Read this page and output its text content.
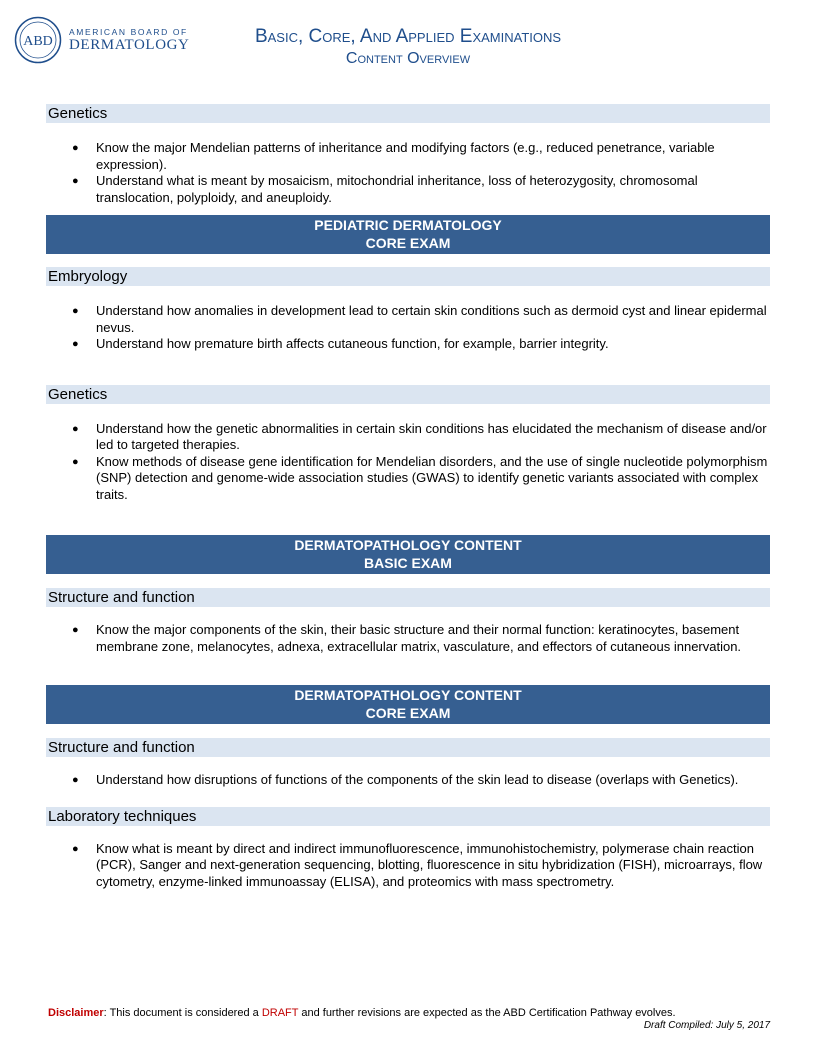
ABD
AMERICAN BOARD OF
DERMATOLOGY	Basic, Core, And Applied Examinations
Content Overview
Genetics
● Know the major Mendelian patterns of inheritance and modifying factors (e.g., reduced penetrance, variable expression).
● Understand what is meant by mosaicism, mitochondrial inheritance, loss of heterozygosity, chromosomal translocation, polyploidy, and aneuploidy.
PEDIATRIC DERMATOLOGY
CORE EXAM
Embryology
● Understand how anomalies in development lead to certain skin conditions such as dermoid cyst and linear epidermal nevus.
● Understand how premature birth affects cutaneous function, for example, barrier integrity.
Genetics
● Understand how the genetic abnormalities in certain skin conditions has elucidated the mechanism of disease and/or led to targeted therapies.
● Know methods of disease gene identification for Mendelian disorders, and the use of single nucleotide polymorphism (SNP) detection and genome-wide association studies (GWAS) to identify genetic variants associated with complex traits.
DERMATOPATHOLOGY CONTENT
BASIC EXAM
Structure and function
● Know the major components of the skin, their basic structure and their normal function: keratinocytes, basement membrane zone, melanocytes, adnexa, extracellular matrix, vasculature, and effectors of cutaneous innervation.
DERMATOPATHOLOGY CONTENT
CORE EXAM
Structure and function
● Understand how disruptions of functions of the components of the skin lead to disease (overlaps with Genetics).
Laboratory techniques
● Know what is meant by direct and indirect immunofluorescence, immunohistochemistry, polymerase chain reaction (PCR), Sanger and next-generation sequencing, blotting, fluorescence in situ hybridization (FISH), microarrays, flow cytometry, enzyme-linked immunoassay (ELISA), and proteomics with mass spectrometry.
Disclaimer: This document is considered a DRAFT and further revisions are expected as the ABD Certification Pathway evolves.
Draft Compiled: July 5, 2017
